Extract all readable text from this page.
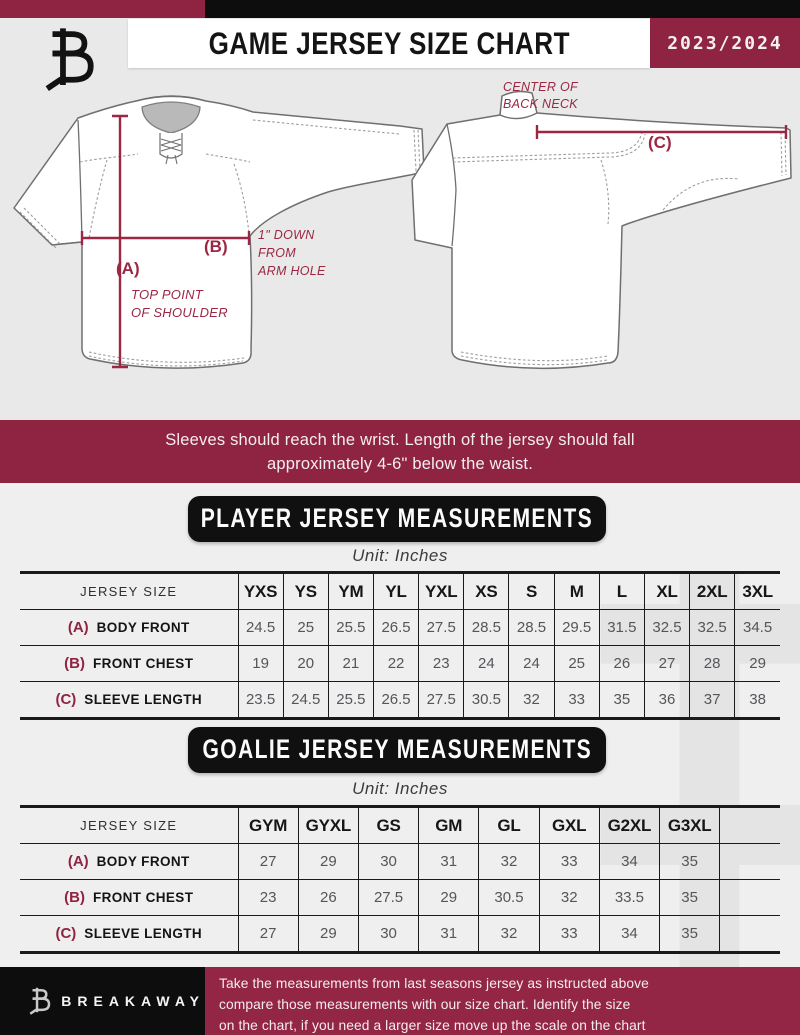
GAME JERSEY SIZE CHART	2023/2024
(A)
TOP POINT
OF SHOULDER
(B)
1" DOWN
FROM
ARM HOLE
(C)
CENTER OF
BACK NECK
Sleeves should reach the wrist. Length of the jersey should fall
approximately 4-6" below the waist.
PLAYER JERSEY MEASUREMENTS
Unit: Inches
JERSEY SIZE	YXS	YS	YM	YL	YXL	XS	S	M	L	XL	2XL	3XL
(A) BODY FRONT	24.5	25	25.5	26.5	27.5	28.5	28.5	29.5	31.5	32.5	32.5	34.5
(B) FRONT CHEST	19	20	21	22	23	24	24	25	26	27	28	29
(C) SLEEVE LENGTH	23.5	24.5	25.5	26.5	27.5	30.5	32	33	35	36	37	38
GOALIE JERSEY MEASUREMENTS
Unit: Inches
JERSEY SIZE	GYM	GYXL	GS	GM	GL	GXL	G2XL	G3XL	
(A) BODY FRONT	27	29	30	31	32	33	34	35	
(B) FRONT CHEST	23	26	27.5	29	30.5	32	33.5	35	
(C) SLEEVE LENGTH	27	29	30	31	32	33	34	35	
BREAKAWAY
Take the measurements from last seasons jersey as instructed above
compare those measurements with our size chart. Identify the size
on the chart, if you need a larger size move up the scale on the chart
